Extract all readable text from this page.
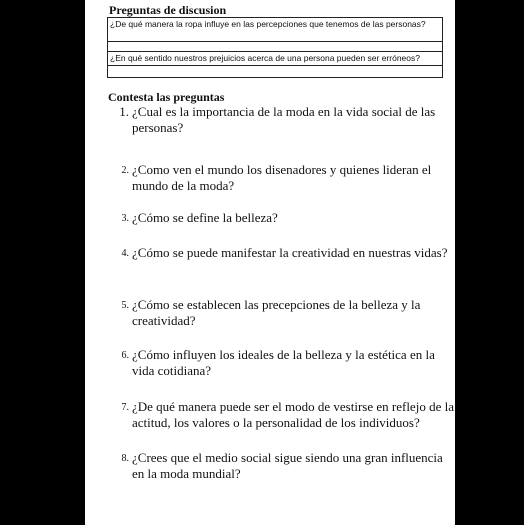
Preguntas de discusion
¿De qué manera la ropa influye en las percepciones que tenemos de las personas?
¿En qué sentido nuestros prejuicios acerca de una persona pueden ser erróneos?
Contesta las preguntas
1. ¿Cual es la importancia de la moda en la vida social de las personas?
2. ¿Como ven el mundo los disenadores y quienes lideran el mundo de la moda?
3. ¿Cómo se define la belleza?
4. ¿Cómo se puede manifestar la creatividad en nuestras vidas?
5. ¿Cómo se establecen las precepciones de la belleza y la creatividad?
6. ¿Cómo influyen los ideales de la belleza y la estética en la vida cotidiana?
7. ¿De qué manera puede ser el modo de vestirse en reflejo de la actitud, los valores o la personalidad de los individuos?
8. ¿Crees que el medio social sigue siendo una gran influencia en la moda mundial?
